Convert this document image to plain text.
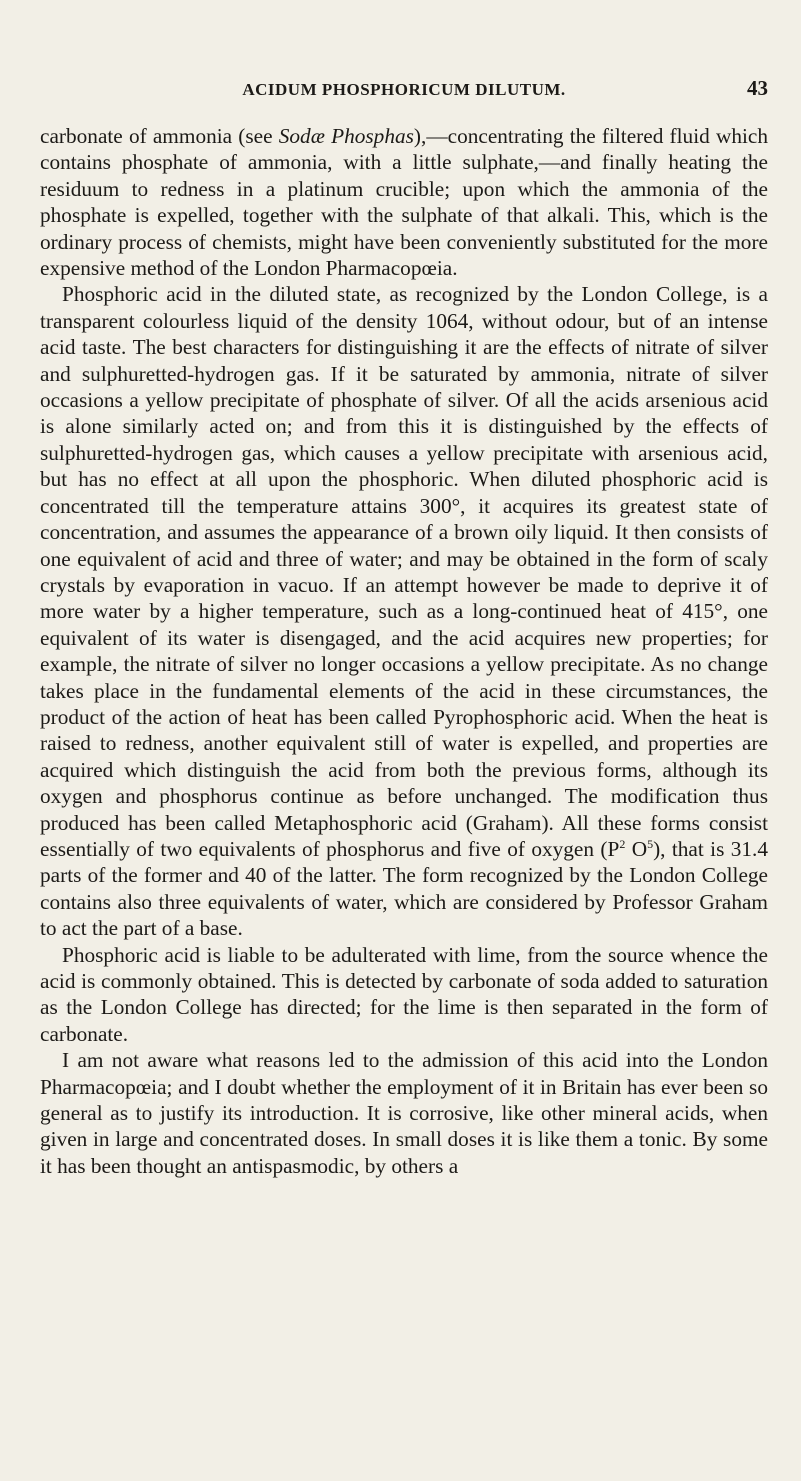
ACIDUM PHOSPHORICUM DILUTUM.	43

carbonate of ammonia (see Sodæ Phosphas),—concentrating the filtered fluid which contains phosphate of ammonia, with a little sulphate,—and finally heating the residuum to redness in a platinum crucible; upon which the ammonia of the phosphate is expelled, together with the sulphate of that alkali. This, which is the ordinary process of chemists, might have been conveniently substituted for the more expensive method of the London Pharmacopœia.

Phosphoric acid in the diluted state, as recognized by the London College, is a transparent colourless liquid of the density 1064, without odour, but of an intense acid taste. The best characters for distinguishing it are the effects of nitrate of silver and sulphuretted-hydrogen gas. If it be saturated by ammonia, nitrate of silver occasions a yellow precipitate of phosphate of silver. Of all the acids arsenious acid is alone similarly acted on; and from this it is distinguished by the effects of sulphuretted-hydrogen gas, which causes a yellow precipitate with arsenious acid, but has no effect at all upon the phosphoric. When diluted phosphoric acid is concentrated till the temperature attains 300°, it acquires its greatest state of concentration, and assumes the appearance of a brown oily liquid. It then consists of one equivalent of acid and three of water; and may be obtained in the form of scaly crystals by evaporation in vacuo. If an attempt however be made to deprive it of more water by a higher temperature, such as a long-continued heat of 415°, one equivalent of its water is disengaged, and the acid acquires new properties; for example, the nitrate of silver no longer occasions a yellow precipitate. As no change takes place in the fundamental elements of the acid in these circumstances, the product of the action of heat has been called Pyrophosphoric acid. When the heat is raised to redness, another equivalent still of water is expelled, and properties are acquired which distinguish the acid from both the previous forms, although its oxygen and phosphorus continue as before unchanged. The modification thus produced has been called Metaphosphoric acid (Graham). All these forms consist essentially of two equivalents of phosphorus and five of oxygen ($P^2$ $O^5$), that is 31.4 parts of the former and 40 of the latter. The form recognized by the London College contains also three equivalents of water, which are considered by Professor Graham to act the part of a base.

Phosphoric acid is liable to be adulterated with lime, from the source whence the acid is commonly obtained. This is detected by carbonate of soda added to saturation as the London College has directed; for the lime is then separated in the form of carbonate.

I am not aware what reasons led to the admission of this acid into the London Pharmacopœia; and I doubt whether the employment of it in Britain has ever been so general as to justify its introduction. It is corrosive, like other mineral acids, when given in large and concentrated doses. In small doses it is like them a tonic. By some it has been thought an antispasmodic, by others a
